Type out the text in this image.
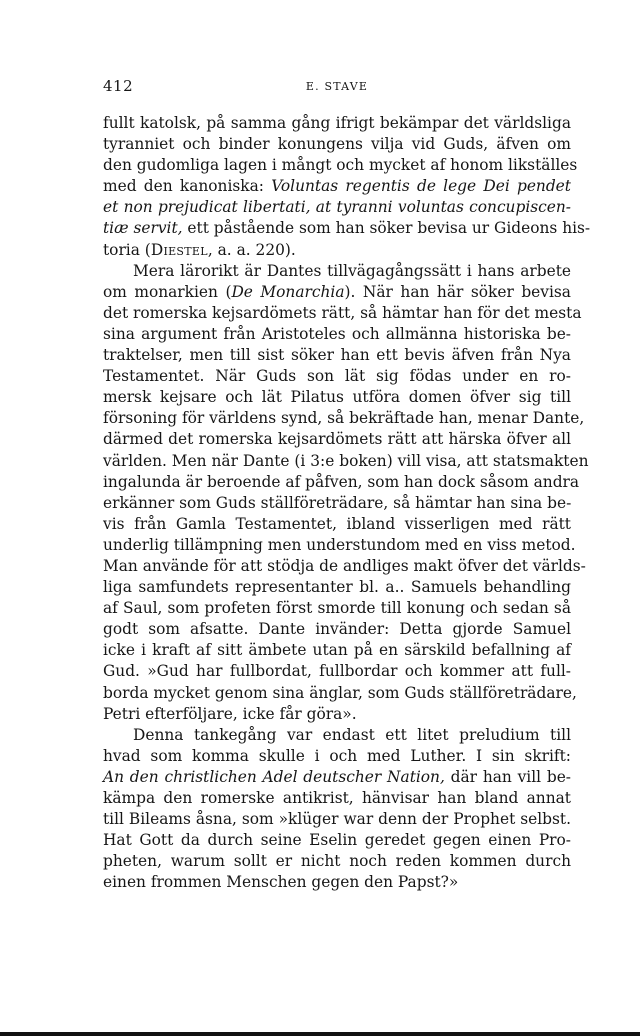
412	E. STAVE
fullt katolsk, på samma gång ifrigt bekämpar det världsliga
tyranniet och binder konungens vilja vid Guds, äfven om
den gudomliga lagen i mångt och mycket af honom likställes
med den kanoniska: Voluntas regentis de lege Dei pendet
et non prejudicat libertati, at tyranni voluntas concupiscen-
tiæ servit, ett påstående som han söker bevisa ur Gideons his-
toria (Diestel, a. a. 220).
Mera lärorikt är Dantes tillvägagångssätt i hans arbete
om monarkien (De Monarchia). När han här söker bevisa
det romerska kejsardömets rätt, så hämtar han för det mesta
sina argument från Aristoteles och allmänna historiska be-
traktelser, men till sist söker han ett bevis äfven från Nya
Testamentet. När Guds son lät sig födas under en ro-
mersk kejsare och lät Pilatus utföra domen öfver sig till
försoning för världens synd, så bekräftade han, menar Dante,
därmed det romerska kejsardömets rätt att härska öfver all
världen. Men när Dante (i 3:e boken) vill visa, att statsmakten
ingalunda är beroende af påfven, som han dock såsom andra
erkänner som Guds ställföreträdare, så hämtar han sina be-
vis från Gamla Testamentet, ibland visserligen med rätt
underlig tillämpning men understundom med en viss metod.
Man använde för att stödja de andliges makt öfver det världs-
liga samfundets representanter bl. a.. Samuels behandling
af Saul, som profeten först smorde till konung och sedan så
godt som afsatte. Dante invänder: Detta gjorde Samuel
icke i kraft af sitt ämbete utan på en särskild befallning af
Gud. »Gud har fullbordat, fullbordar och kommer att full-
borda mycket genom sina änglar, som Guds ställföreträdare,
Petri efterföljare, icke får göra».
Denna tankegång var endast ett litet preludium till
hvad som komma skulle i och med Luther. I sin skrift:
An den christlichen Adel deutscher Nation, där han vill be-
kämpa den romerske antikrist, hänvisar han bland annat
till Bileams åsna, som »klüger war denn der Prophet selbst.
Hat Gott da durch seine Eselin geredet gegen einen Pro-
pheten, warum sollt er nicht noch reden kommen durch
einen frommen Menschen gegen den Papst?»
